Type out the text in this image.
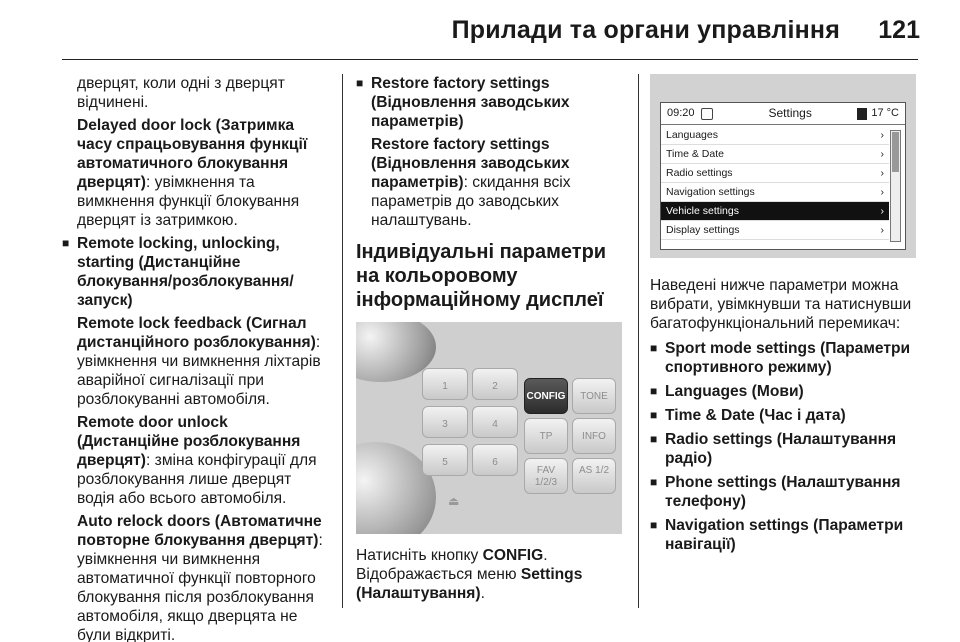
Прилади та органи управління 121
дверцят, коли одні з дверцят відчинені.
Delayed door lock (Затримка часу спрацьовування функції автоматичного блокування дверцят): увімкнення та вимкнення функції блокування дверцят із затримкою.
■ Remote locking, unlocking, starting (Дистанційне блокування/розблокування/запуск)
Remote lock feedback (Сигнал дистанційного розблокування): увімкнення чи вимкнення ліхтарів аварійної сигналізації при розблокуванні автомобіля.
Remote door unlock (Дистанційне розблокування дверцят): зміна конфігурації для розблокування лише дверцят водія або всього автомобіля.
Auto relock doors (Автоматичне повторне блокування дверцят): увімкнення чи вимкнення автоматичної функції повторного блокування після розблокування автомобіля, якщо дверцята не були відкриті.
■ Restore factory settings (Відновлення заводських параметрів)
Restore factory settings (Відновлення заводських параметрів): скидання всіх параметрів до заводських налаштувань.
Індивідуальні параметри на кольоровому інформаційному дисплеї
1	2
3	4
5	6
CONFIG	TONE
TP	INFO
FAV 1/2/3
AS 1/2
⏏
Натисніть кнопку CONFIG. Відображається меню Settings (Налаштування).
09:20	Settings	17 °C
Languages	›
Time & Date	›
Radio settings	›
Navigation settings	›
Vehicle settings	›
Display settings	›
Наведені нижче параметри можна вибрати, увімкнувши та натиснувши багатофункціональний перемикач:
■ Sport mode settings (Параметри спортивного режиму)
■ Languages (Мови)
■ Time & Date (Час і дата)
■ Radio settings (Налаштування радіо)
■ Phone settings (Налаштування телефону)
■ Navigation settings (Параметри навігації)
